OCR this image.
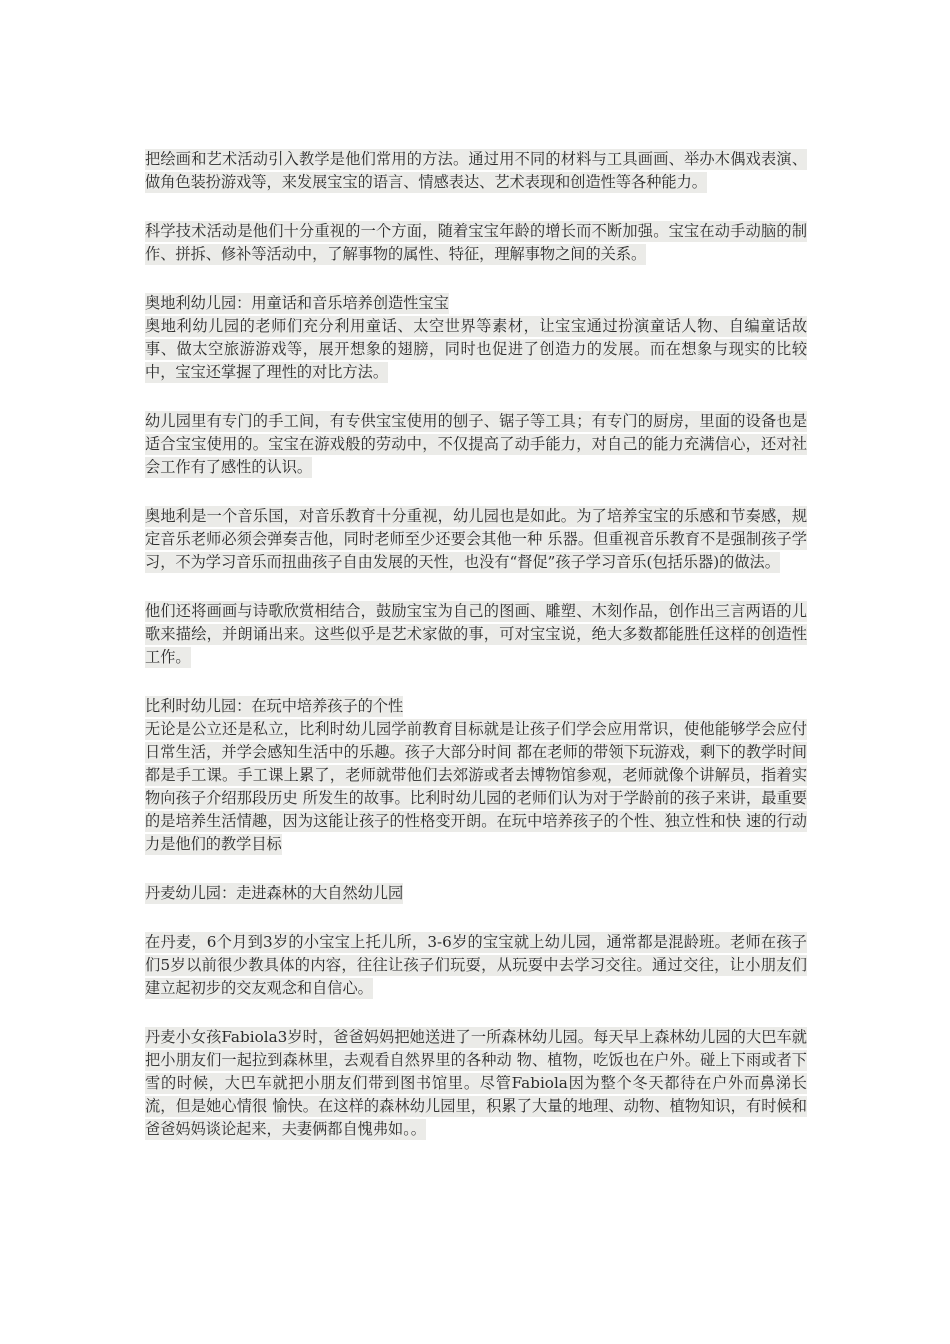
把绘画和艺术活动引入教学是他们常用的方法。通过用不同的材料与工具画画、举办木偶戏表演、做角色装扮游戏等，来发展宝宝的语言、情感表达、艺术表现和创造性等各种能力。

科学技术活动是他们十分重视的一个方面，随着宝宝年龄的增长而不断加强。宝宝在动手动脑的制作、拼拆、修补等活动中，了解事物的属性、特征，理解事物之间的关系。

奥地利幼儿园：用童话和音乐培养创造性宝宝

奥地利幼儿园的老师们充分利用童话、太空世界等素材，让宝宝通过扮演童话人物、自编童话故事、做太空旅游游戏等，展开想象的翅膀，同时也促进了创造力的发展。而在想象与现实的比较中，宝宝还掌握了理性的对比方法。

幼儿园里有专门的手工间，有专供宝宝使用的刨子、锯子等工具；有专门的厨房，里面的设备也是适合宝宝使用的。宝宝在游戏般的劳动中，不仅提高了动手能力，对自己的能力充满信心，还对社会工作有了感性的认识。

奥地利是一个音乐国，对音乐教育十分重视，幼儿园也是如此。为了培养宝宝的乐感和节奏感，规定音乐老师必须会弹奏吉他，同时老师至少还要会其他一种 乐器。但重视音乐教育不是强制孩子学习，不为学习音乐而扭曲孩子自由发展的天性，也没有“督促”孩子学习音乐(包括乐器)的做法。

他们还将画画与诗歌欣赏相结合，鼓励宝宝为自己的图画、雕塑、木刻作品，创作出三言两语的儿歌来描绘，并朗诵出来。这些似乎是艺术家做的事，可对宝宝说，绝大多数都能胜任这样的创造性工作。

比利时幼儿园：在玩中培养孩子的个性

无论是公立还是私立，比利时幼儿园学前教育目标就是让孩子们学会应用常识，使他能够学会应付日常生活，并学会感知生活中的乐趣。孩子大部分时间 都在老师的带领下玩游戏，剩下的教学时间都是手工课。手工课上累了，老师就带他们去郊游或者去博物馆参观，老师就像个讲解员，指着实物向孩子介绍那段历史 所发生的故事。比利时幼儿园的老师们认为对于学龄前的孩子来讲，最重要的是培养生活情趣，因为这能让孩子的性格变开朗。在玩中培养孩子的个性、独立性和快 速的行动力是他们的教学目标

丹麦幼儿园：走进森林的大自然幼儿园

在丹麦，6个月到3岁的小宝宝上托儿所，3-6岁的宝宝就上幼儿园，通常都是混龄班。老师在孩子们5岁以前很少教具体的内容，往往让孩子们玩耍，从玩耍中去学习交往。通过交往，让小朋友们建立起初步的交友观念和自信心。

丹麦小女孩Fabiola3岁时，爸爸妈妈把她送进了一所森林幼儿园。每天早上森林幼儿园的大巴车就把小朋友们一起拉到森林里，去观看自然界里的各种动 物、植物，吃饭也在户外。碰上下雨或者下雪的时候，大巴车就把小朋友们带到图书馆里。尽管Fabiola因为整个冬天都待在户外而鼻涕长流，但是她心情很 愉快。在这样的森林幼儿园里，积累了大量的地理、动物、植物知识，有时候和爸爸妈妈谈论起来，夫妻俩都自愧弗如。。
